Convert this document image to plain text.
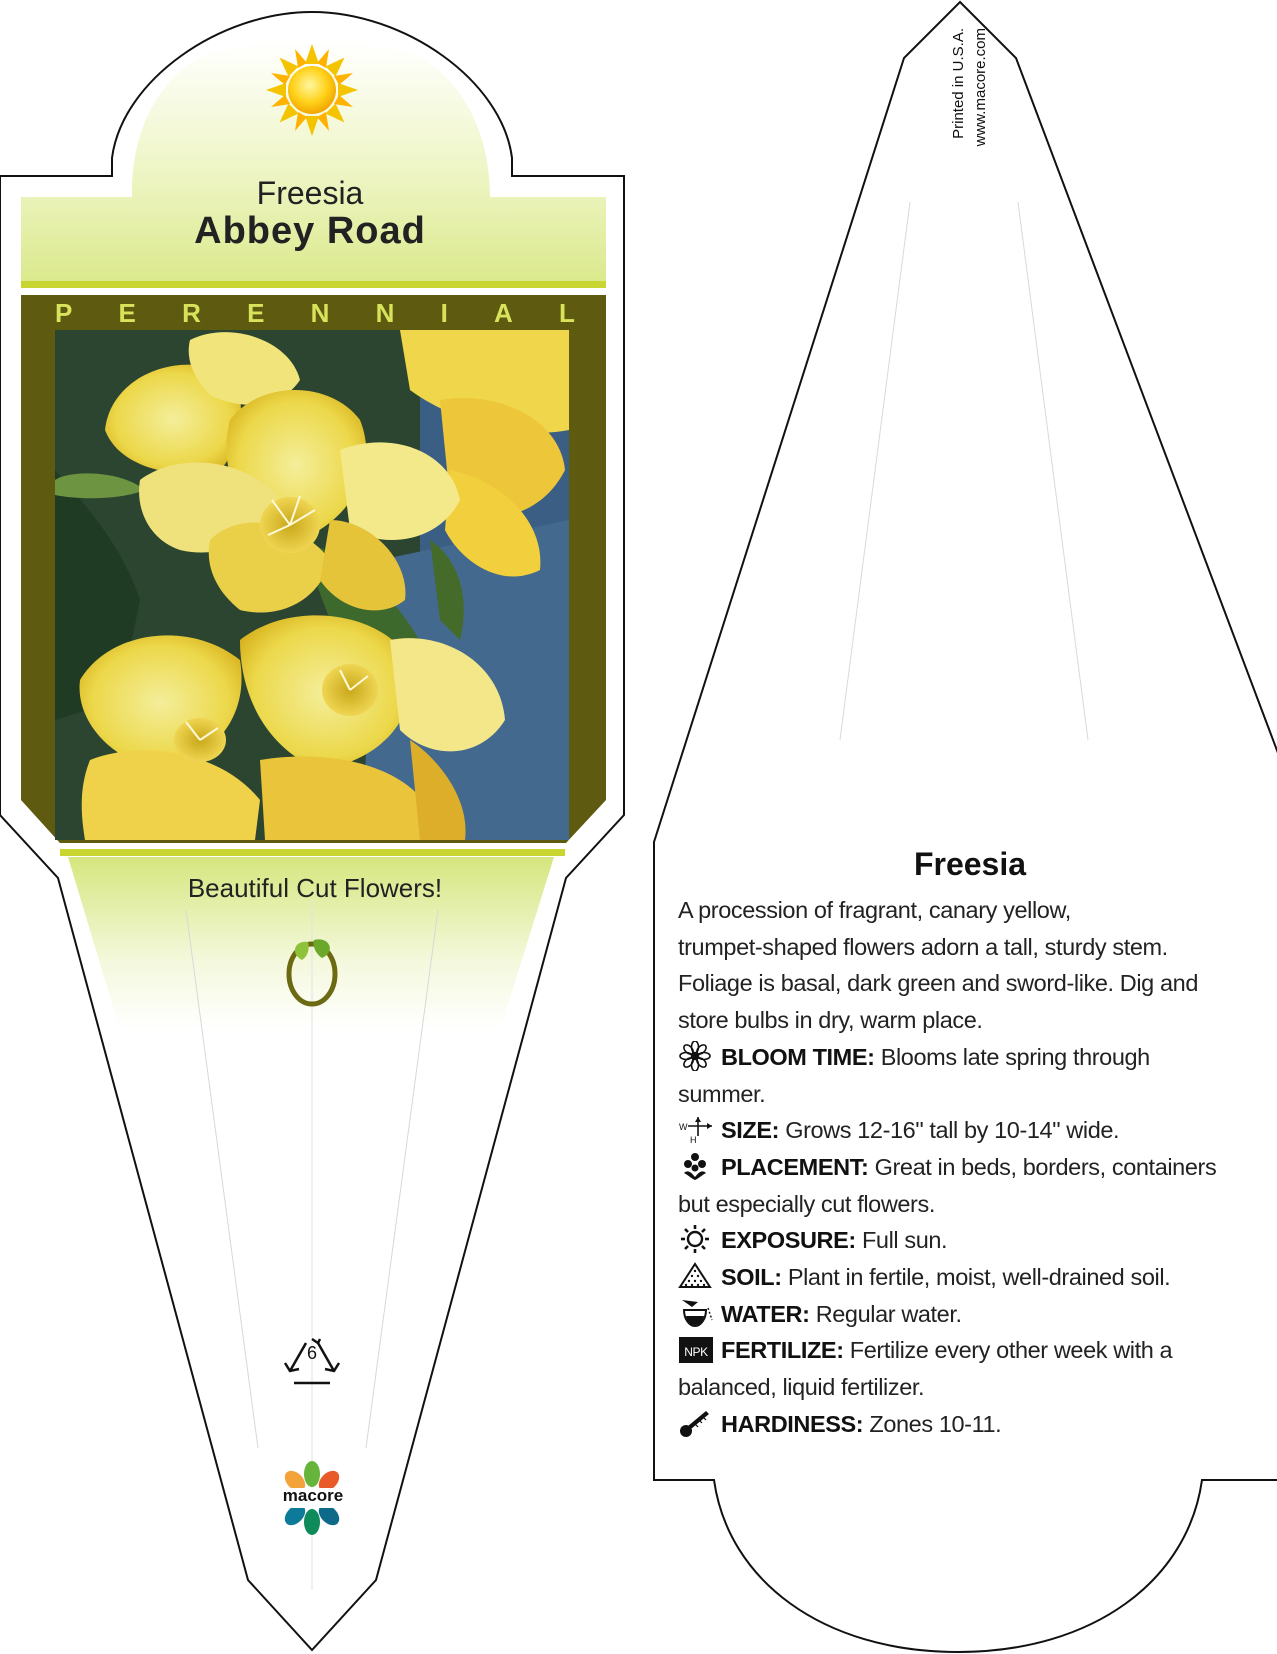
Freesia
Abbey Road
P E R E N N I A L
Beautiful Cut Flowers!
6
macore
Printed in U.S.A. www.macore.com
Freesia
A procession of fragrant, canary yellow,
trumpet-shaped flowers adorn a tall, sturdy stem.
Foliage is basal, dark green and sword-like. Dig and
store bulbs in dry, warm place.
BLOOM TIME: Blooms late spring through
summer.
W
H SIZE: Grows 12-16" tall by 10-14" wide.
PLACEMENT: Great in beds, borders, containers
but especially cut flowers.
EXPOSURE: Full sun.
SOIL: Plant in fertile, moist, well-drained soil.
WATER: Regular water.
NPK FERTILIZE: Fertilize every other week with a
balanced, liquid fertilizer.
HARDINESS: Zones 10-11.
